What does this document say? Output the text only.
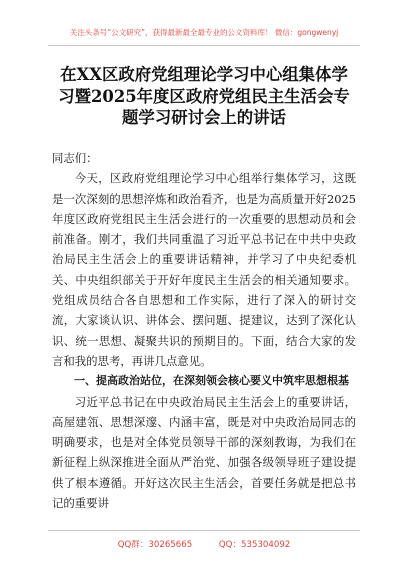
关注头条号“公文研究”，获得最新最全最专业的公文资料库！ 微信：gongwenyj
在XX区政府党组理论学习中心组集体学习暨2025年度区政府党组民主生活会专题学习研讨会上的讲话

同志们：

今天，区政府党组理论学习中心组举行集体学习，这既是一次深刻的思想淬炼和政治看齐，也是为高质量开好2025年度区政府党组民主生活会进行的一次重要的思想动员和会前准备。刚才，我们共同重温了习近平总书记在中共中央政治局民主生活会上的重要讲话精神，并学习了中央纪委机关、中央组织部关于开好年度民主生活会的相关通知要求。党组成员结合各自思想和工作实际，进行了深入的研讨交流，大家谈认识、讲体会、摆问题、提建议，达到了深化认识、统一思想、凝聚共识的预期目的。下面，结合大家的发言和我的思考，再讲几点意见。

一、提高政治站位，在深刻领会核心要义中筑牢思想根基

习近平总书记在中央政治局民主生活会上的重要讲话，高屋建瓴、思想深邃、内涵丰富，既是对中央政治局同志的明确要求，也是对全体党员领导干部的深刻教诲，为我们在新征程上纵深推进全面从严治党、加强各级领导班子建设提供了根本遵循。开好这次民主生活会，首要任务就是把总书记的重要讲

QQ群：30265665	QQ：535304092
